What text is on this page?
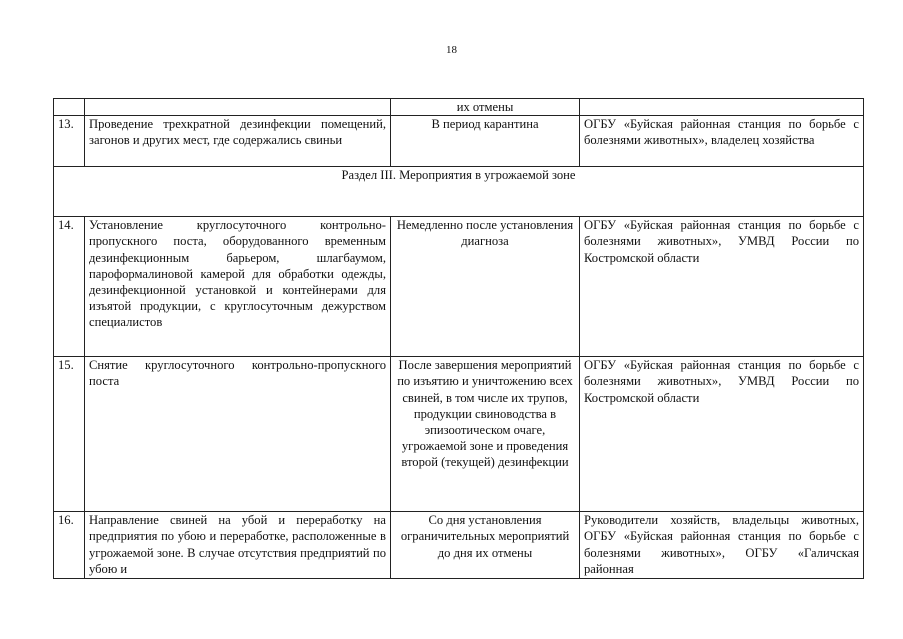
18
		их отмены	
13.	Проведение трехкратной дезинфекции помещений, загонов и других мест, где содержались свиньи	В период карантина	ОГБУ «Буйская районная станция по борьбе с болезнями животных», владелец хозяйства
Раздел III. Мероприятия в угрожаемой зоне			
14.	Установление круглосуточного контрольно-пропускного поста, оборудованного временным дезинфекционным барьером, шлагбаумом, пароформалиновой камерой для обработки одежды, дезинфекционной установкой и контейнерами для изъятой продукции, с круглосуточным дежурством специалистов	Немедленно после установления диагноза	ОГБУ «Буйская районная станция по борьбе с болезнями животных», УМВД России по Костромской области
15.	Снятие круглосуточного контрольно-пропускного поста	После завершения мероприятий по изъятию и уничтожению всех свиней, в том числе их трупов, продукции свиноводства в эпизоотическом очаге, угрожаемой зоне и проведения второй (текущей) дезинфекции	ОГБУ «Буйская районная станция по борьбе с болезнями животных», УМВД России по Костромской области

16.	Направление свиней на убой и переработку на предприятия по убою и переработке, расположенные в угрожаемой зоне. В случае отсутствия предприятий по убою и	Со дня установления ограничительных мероприятий до дня их отмены	Руководители хозяйств, владельцы животных, ОГБУ «Буйская районная станция по борьбе с болезнями животных», ОГБУ «Галичская районная
